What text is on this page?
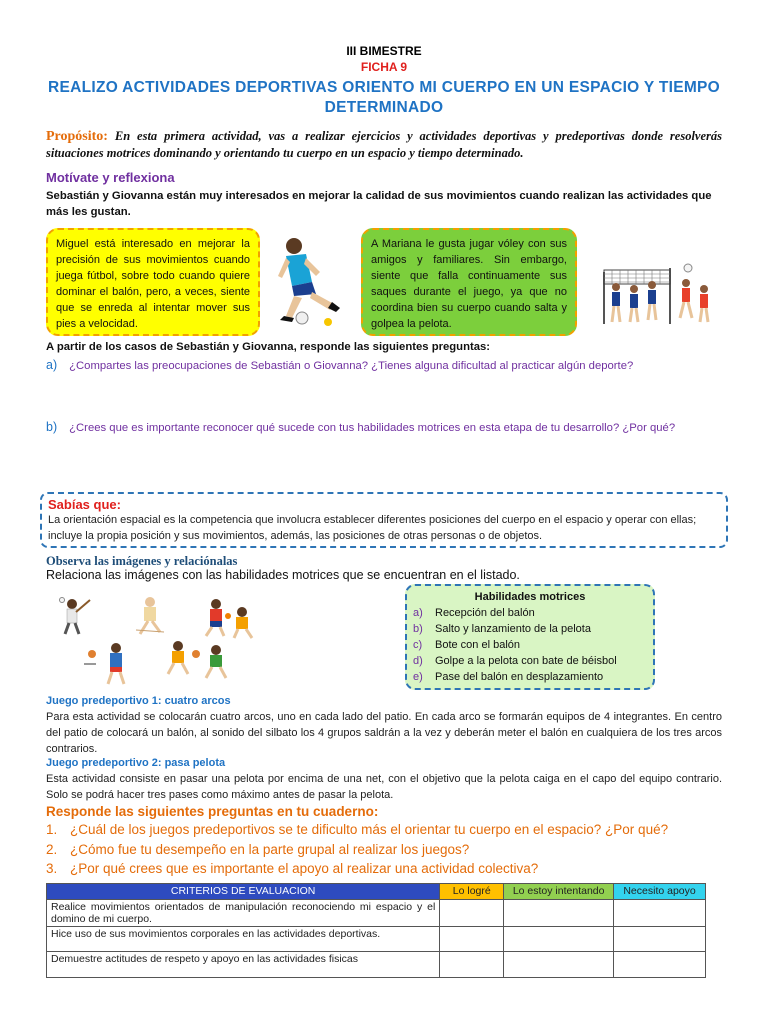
III BIMESTRE
FICHA 9
REALIZO ACTIVIDADES DEPORTIVAS ORIENTO MI CUERPO EN UN ESPACIO Y TIEMPO DETERMINADO
Propósito: En esta primera actividad, vas a realizar ejercicios y actividades deportivas y predeportivas donde resolverás situaciones motrices dominando y orientando tu cuerpo en un espacio y tiempo determinado.
Motívate y reflexiona
Sebastián y Giovanna están muy interesados en mejorar la calidad de sus movimientos cuando realizan las actividades que más les gustan.
Miguel está interesado en mejorar la precisión de sus movimientos cuando juega fútbol, sobre todo cuando quiere dominar el balón, pero, a veces, siente que se enreda al intentar mover sus pies a velocidad.
A Mariana le gusta jugar vóley con sus amigos y familiares. Sin embargo, siente que falla continuamente sus saques durante el juego, ya que no coordina bien su cuerpo cuando salta y golpea la pelota.
A partir de los casos de Sebastián y Giovanna, responde las siguientes preguntas:
a) ¿Compartes las preocupaciones de Sebastián o Giovanna? ¿Tienes alguna dificultad al practicar algún deporte?
b) ¿Crees que es importante reconocer qué sucede con tus habilidades motrices en esta etapa de tu desarrollo? ¿Por qué?
Sabías que:
La orientación espacial es la competencia que involucra establecer diferentes posiciones del cuerpo en el espacio y operar con ellas; incluye la propia posición y sus movimientos, además, las posiciones de otras personas o de objetos.
Observa las imágenes y relaciónalas
Relaciona las imágenes con las habilidades motrices que se encuentran en el listado.
Habilidades motrices
a) Recepción del balón
b) Salto y lanzamiento de la pelota
c) Bote con el balón
d) Golpe a la pelota con bate de béisbol
e) Pase del balón en desplazamiento
Juego predeportivo 1: cuatro arcos
Para esta actividad se colocarán cuatro arcos, uno en cada lado del patio. En cada arco se formarán equipos de 4 integrantes. En centro del patio de colocará un balón, al sonido del silbato los 4 grupos saldrán a la vez y deberán meter el balón en cualquiera de los tres arcos contrarios.
Juego predeportivo 2: pasa pelota
Esta actividad consiste en pasar una pelota por encima de una net, con el objetivo que la pelota caiga en el capo del equipo contrario. Solo se podrá hacer tres pases como máximo antes de pasar la pelota.
Responde las siguientes preguntas en tu cuaderno:
1. ¿Cuál de los juegos predeportivos se te dificulto más el orientar tu cuerpo en el espacio? ¿Por qué?
2. ¿Cómo fue tu desempeño en la parte grupal al realizar los juegos?
3. ¿Por qué crees que es importante el apoyo al realizar una actividad colectiva?
CRITERIOS DE EVALUACION	Lo logré	Lo estoy intentando	Necesito apoyo
Realice movimientos orientados de manipulación reconociendo mi espacio y el domino de mi cuerpo.			
Hice uso de sus movimientos corporales en las actividades deportivas.			
Demuestre actitudes de respeto y apoyo en las actividades fisicas			
